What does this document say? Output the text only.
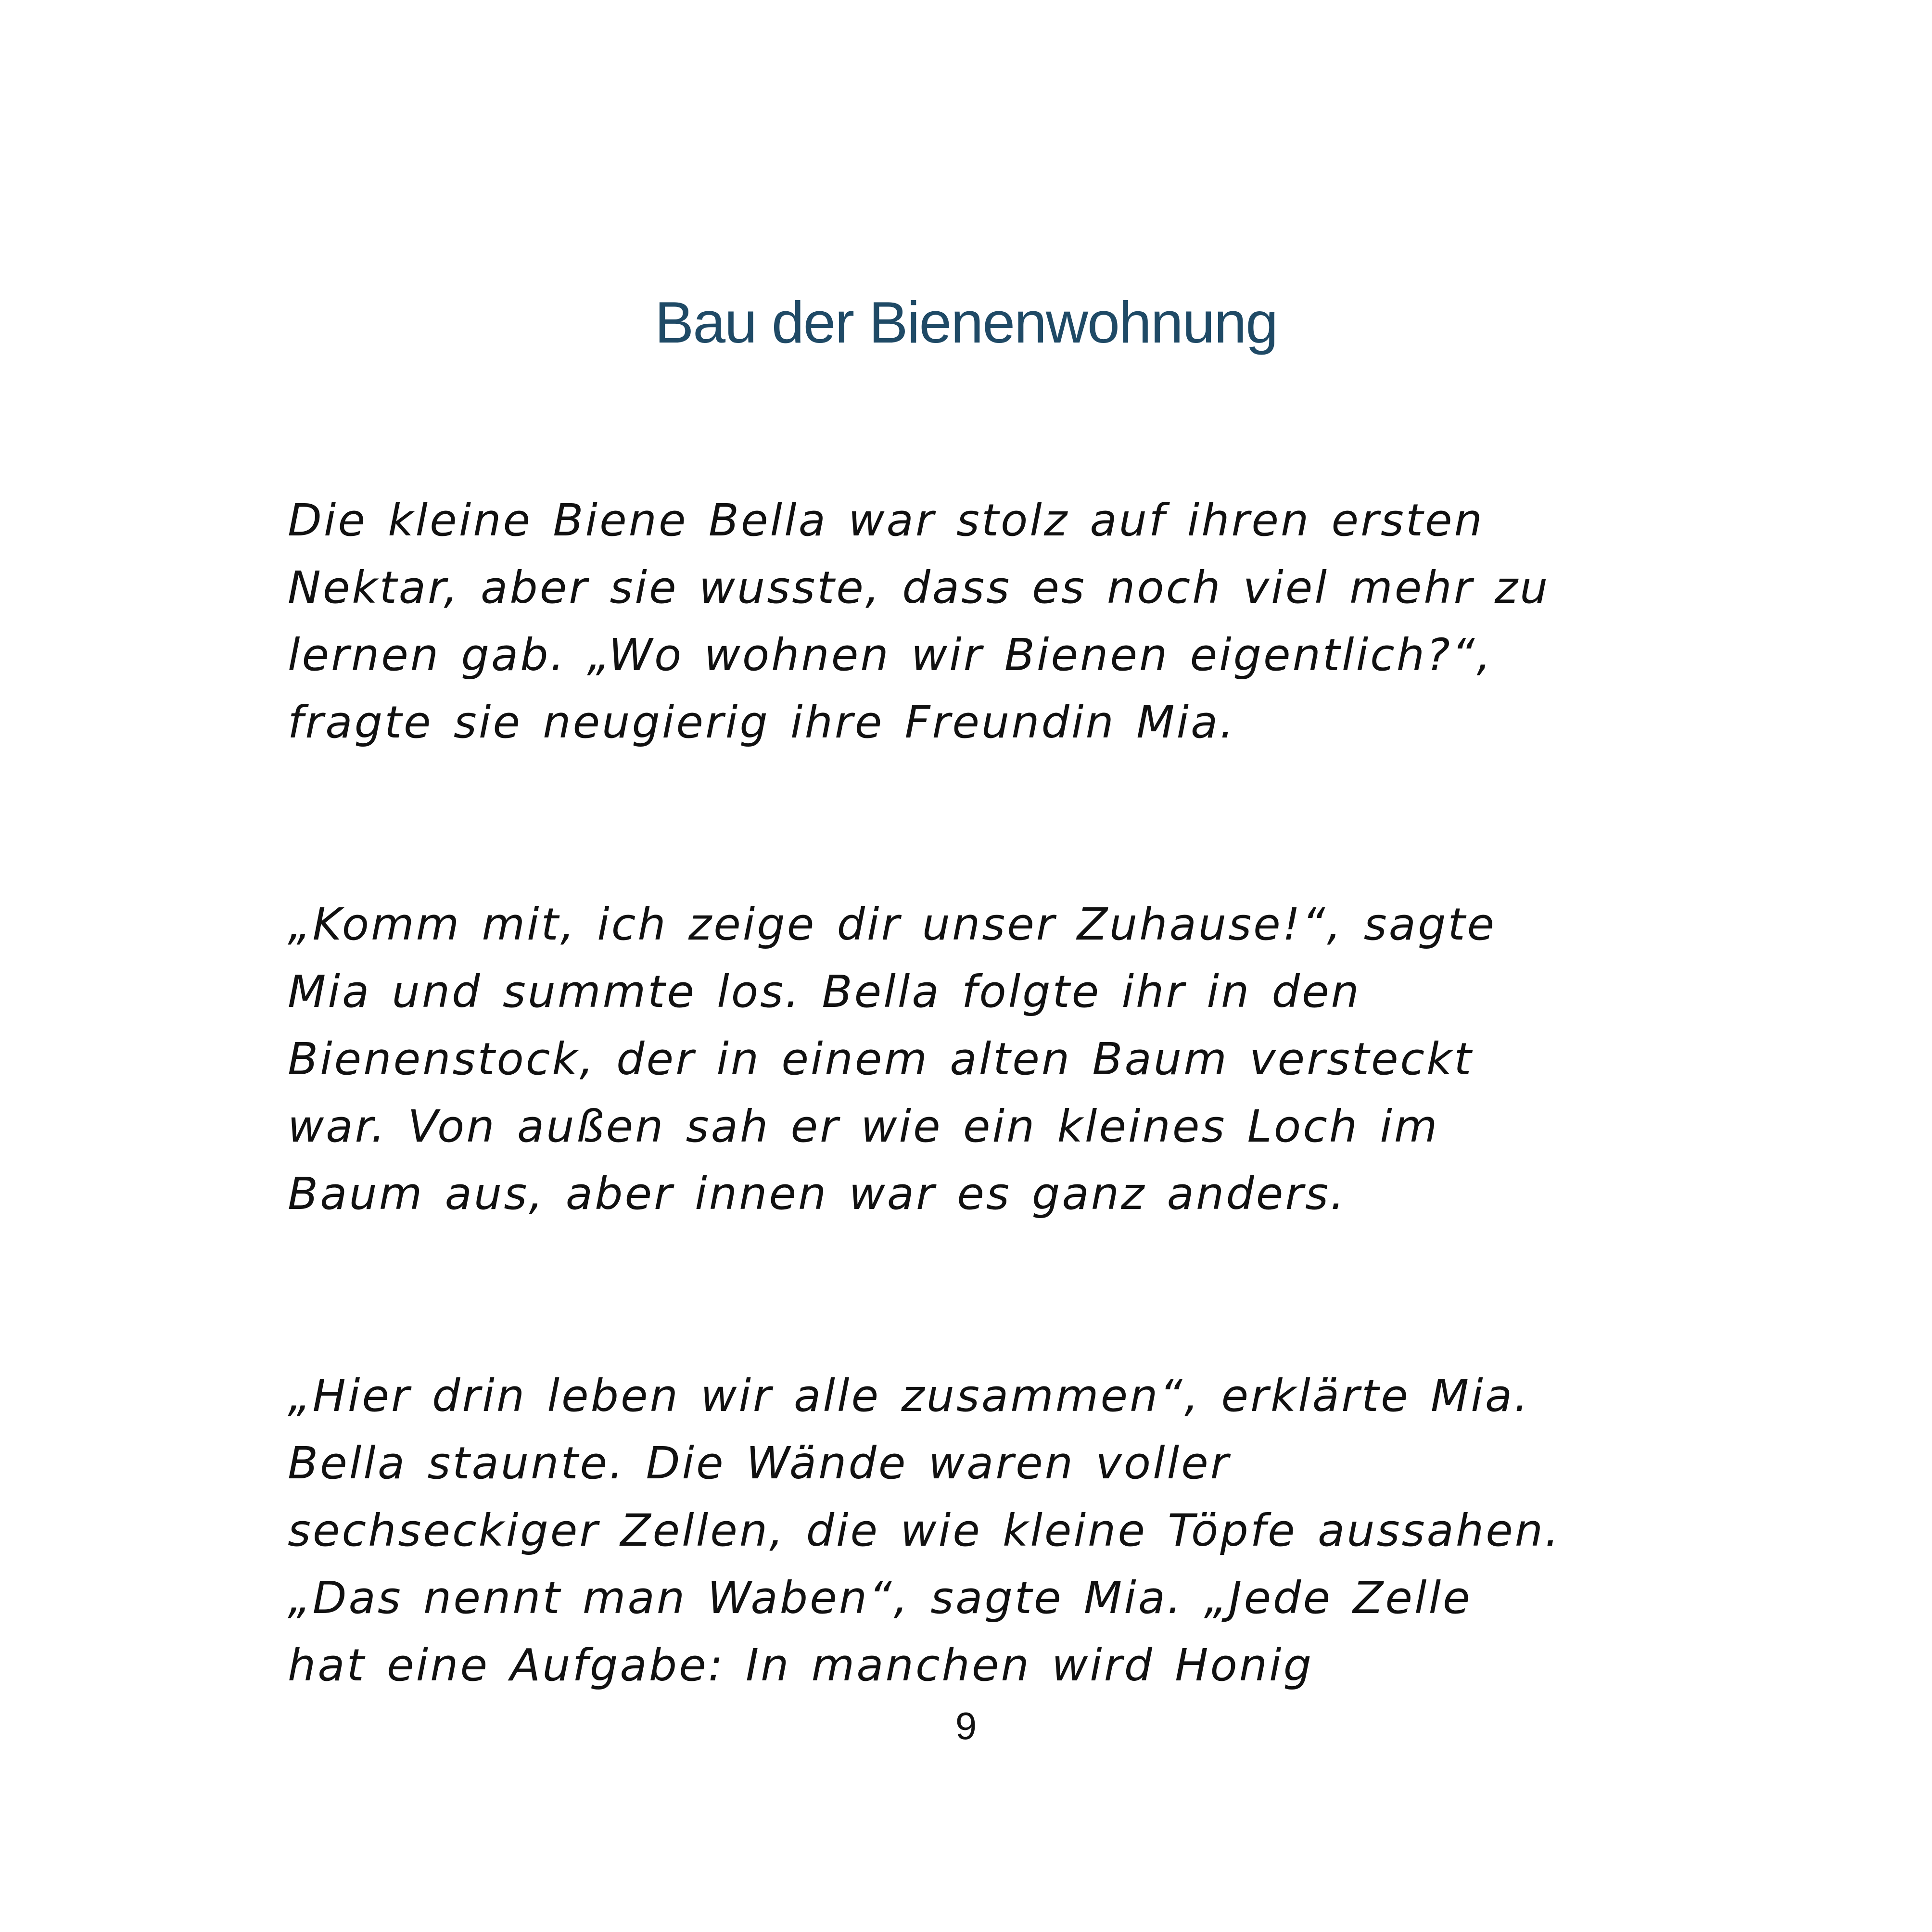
Bau der Bienenwohnung
Die kleine Biene Bella war stolz auf ihren ersten
Nektar, aber sie wusste, dass es noch viel mehr zu
lernen gab. „Wo wohnen wir Bienen eigentlich?“,
fragte sie neugierig ihre Freundin Mia.
„Komm mit, ich zeige dir unser Zuhause!“, sagte
Mia und summte los. Bella folgte ihr in den
Bienenstock, der in einem alten Baum versteckt
war. Von außen sah er wie ein kleines Loch im
Baum aus, aber innen war es ganz anders.
„Hier drin leben wir alle zusammen“, erklärte Mia.
Bella staunte. Die Wände waren voller
sechseckiger Zellen, die wie kleine Töpfe aussahen.
„Das nennt man Waben“, sagte Mia. „Jede Zelle
hat eine Aufgabe: In manchen wird Honig
9
